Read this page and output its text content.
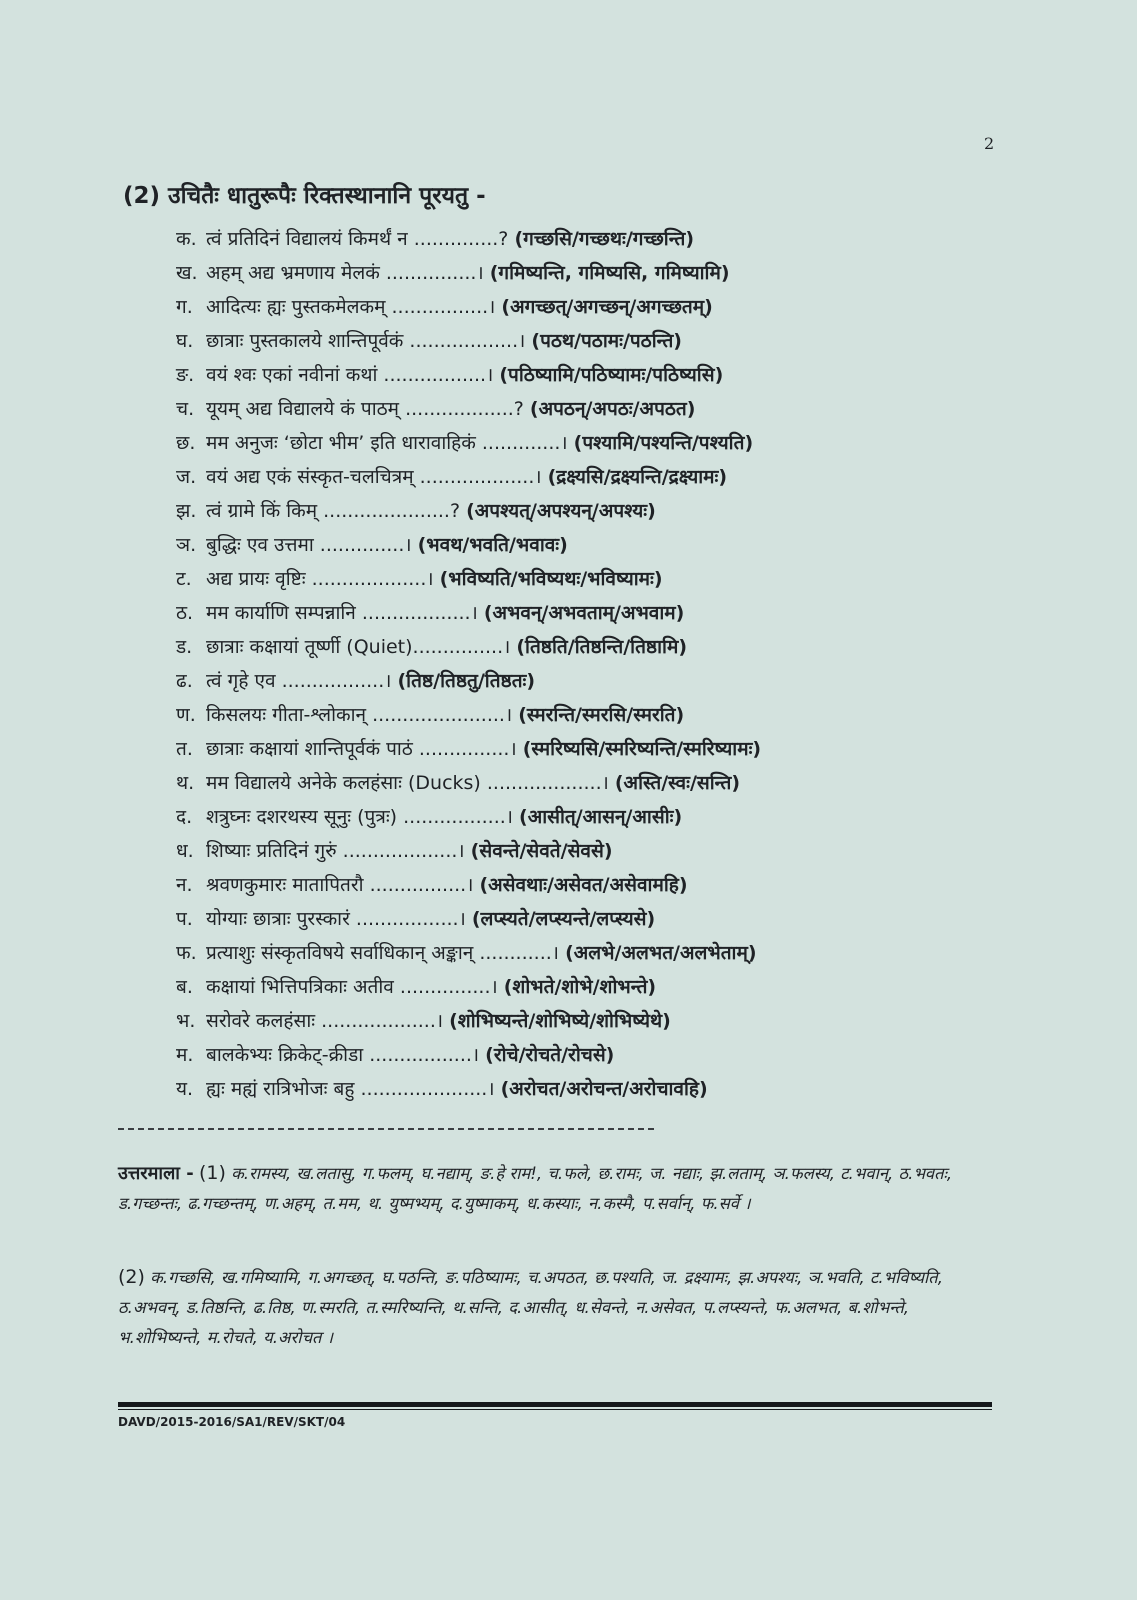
2
(2) उचितैः धातुरूपैः रिक्तस्थानानि पूरयतु -
क. त्वं प्रतिदिनं विद्यालयं किमर्थं न ..............? (गच्छसि/गच्छथः/गच्छन्ति)
ख. अहम् अद्य भ्रमणाय मेलकं ...............। (गमिष्यन्ति, गमिष्यसि, गमिष्यामि)
ग. आदित्यः ह्यः पुस्तकमेलकम् ................। (अगच्छत्/अगच्छन्/अगच्छतम्)
घ. छात्राः पुस्तकालये शान्तिपूर्वकं ..................। (पठथ/पठामः/पठन्ति)
ङ. वयं श्वः एकां नवीनां कथां .................। (पठिष्यामि/पठिष्यामः/पठिष्यसि)
च. यूयम् अद्य विद्यालये कं पाठम् ..................? (अपठन्/अपठः/अपठत)
छ. मम अनुजः ‘छोटा भीम’ इति धारावाहिकं .............। (पश्यामि/पश्यन्ति/पश्यति)
ज. वयं अद्य एकं संस्कृत-चलचित्रम् ...................। (द्रक्ष्यसि/द्रक्ष्यन्ति/द्रक्ष्यामः)
झ. त्वं ग्रामे किं किम् .....................? (अपश्यत्/अपश्यन्/अपश्यः)
ञ. बुद्धिः एव उत्तमा ..............। (भवथ/भवति/भवावः)
ट. अद्य प्रायः वृष्टिः ...................। (भविष्यति/भविष्यथः/भविष्यामः)
ठ. मम कार्याणि सम्पन्नानि ..................। (अभवन्/अभवताम्/अभवाम)
ड. छात्राः कक्षायां तूर्ष्णी (Quiet)...............। (तिष्ठति/तिष्ठन्ति/तिष्ठामि)
ढ. त्वं गृहे एव .................। (तिष्ठ/तिष्ठतु/तिष्ठतः)
ण. किसलयः गीता-श्लोकान् ......................। (स्मरन्ति/स्मरसि/स्मरति)
त. छात्राः कक्षायां शान्तिपूर्वकं पाठं ...............। (स्मरिष्यसि/स्मरिष्यन्ति/स्मरिष्यामः)
थ. मम विद्यालये अनेके कलहंसाः (Ducks) ...................। (अस्ति/स्वः/सन्ति)
द. शत्रुघ्नः दशरथस्य सूनुः (पुत्रः) .................। (आसीत्/आसन्/आसीः)
ध. शिष्याः प्रतिदिनं गुरुं ...................। (सेवन्ते/सेवते/सेवसे)
न. श्रवणकुमारः मातापितरौ ................। (असेवथाः/असेवत/असेवामहि)
प. योग्याः छात्राः पुरस्कारं .................। (लप्स्यते/लप्स्यन्ते/लप्स्यसे)
फ. प्रत्याशुः संस्कृतविषये सर्वाधिकान् अङ्कान् ............। (अलभे/अलभत/अलभेताम्)
ब. कक्षायां भित्तिपत्रिकाः अतीव ...............। (शोभते/शोभे/शोभन्ते)
भ. सरोवरे कलहंसाः ...................। (शोभिष्यन्ते/शोभिष्ये/शोभिष्येथे)
म. बालकेभ्यः क्रिकेट्-क्रीडा .................। (रोचे/रोचते/रोचसे)
य. ह्यः मह्यं रात्रिभोजः बहु .....................। (अरोचत/अरोचन्त/अरोचावहि)
उत्तरमाला - (1) क.रामस्य, ख.लतासु, ग.फलम्, घ.नद्याम्, ङ.हे राम!, च.फले, छ.रामः, ज. नद्याः, झ.लताम्, ञ.फलस्य, ट.भवान्, ठ.भवतः, ड.गच्छन्तः, ढ.गच्छन्तम्, ण.अहम्, त.मम, थ. युष्मभ्यम्, द.युष्माकम्, ध.कस्याः, न.कस्मै, प.सर्वान्, फ.सर्वे ।
(2) क.गच्छसि, ख.गमिष्यामि, ग.अगच्छत्, घ.पठन्ति, ङ.पठिष्यामः, च.अपठत, छ.पश्यति, ज. द्रक्ष्यामः, झ.अपश्यः, ञ.भवति, ट.भविष्यति, ठ.अभवन्, ड.तिष्ठन्ति, ढ.तिष्ठ, ण.स्मरति, त.स्मरिष्यन्ति, थ.सन्ति, द.आसीत्, ध.सेवन्ते, न.असेवत, प.लप्स्यन्ते, फ.अलभत, ब.शोभन्ते, भ.शोभिष्यन्ते, म.रोचते, य.अरोचत ।
DAVD/2015-2016/SA1/REV/SKT/04
